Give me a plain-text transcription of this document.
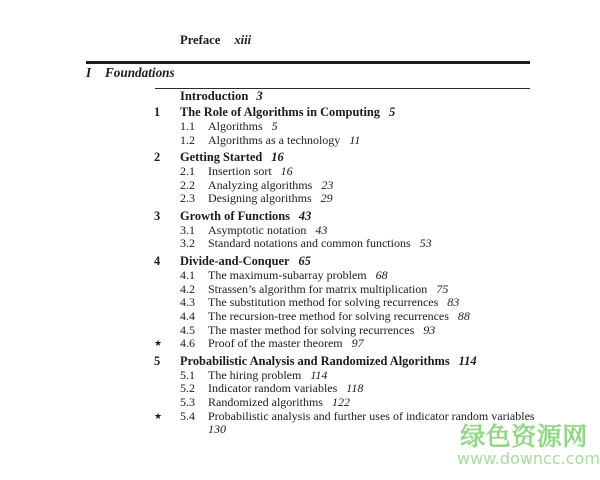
Preface xiii
I Foundations
Introduction 3
1	The Role of Algorithms in Computing 5
1.1	Algorithms 5
1.2	Algorithms as a technology 11
2	Getting Started 16
2.1	Insertion sort 16
2.2	Analyzing algorithms 23
2.3	Designing algorithms 29
3	Growth of Functions 43
3.1	Asymptotic notation 43
3.2	Standard notations and common functions 53
4	Divide-and-Conquer 65
4.1	The maximum-subarray problem 68
4.2	Strassen’s algorithm for matrix multiplication 75
4.3	The substitution method for solving recurrences 83
4.4	The recursion-tree method for solving recurrences 88
4.5	The master method for solving recurrences 93
★	4.6	Proof of the master theorem 97
5	Probabilistic Analysis and Randomized Algorithms 114
5.1	The hiring problem 114
5.2	Indicator random variables 118
5.3	Randomized algorithms 122
★	5.4	Probabilistic analysis and further uses of indicator random variables
130	绿色资源网
www.downcc.com
